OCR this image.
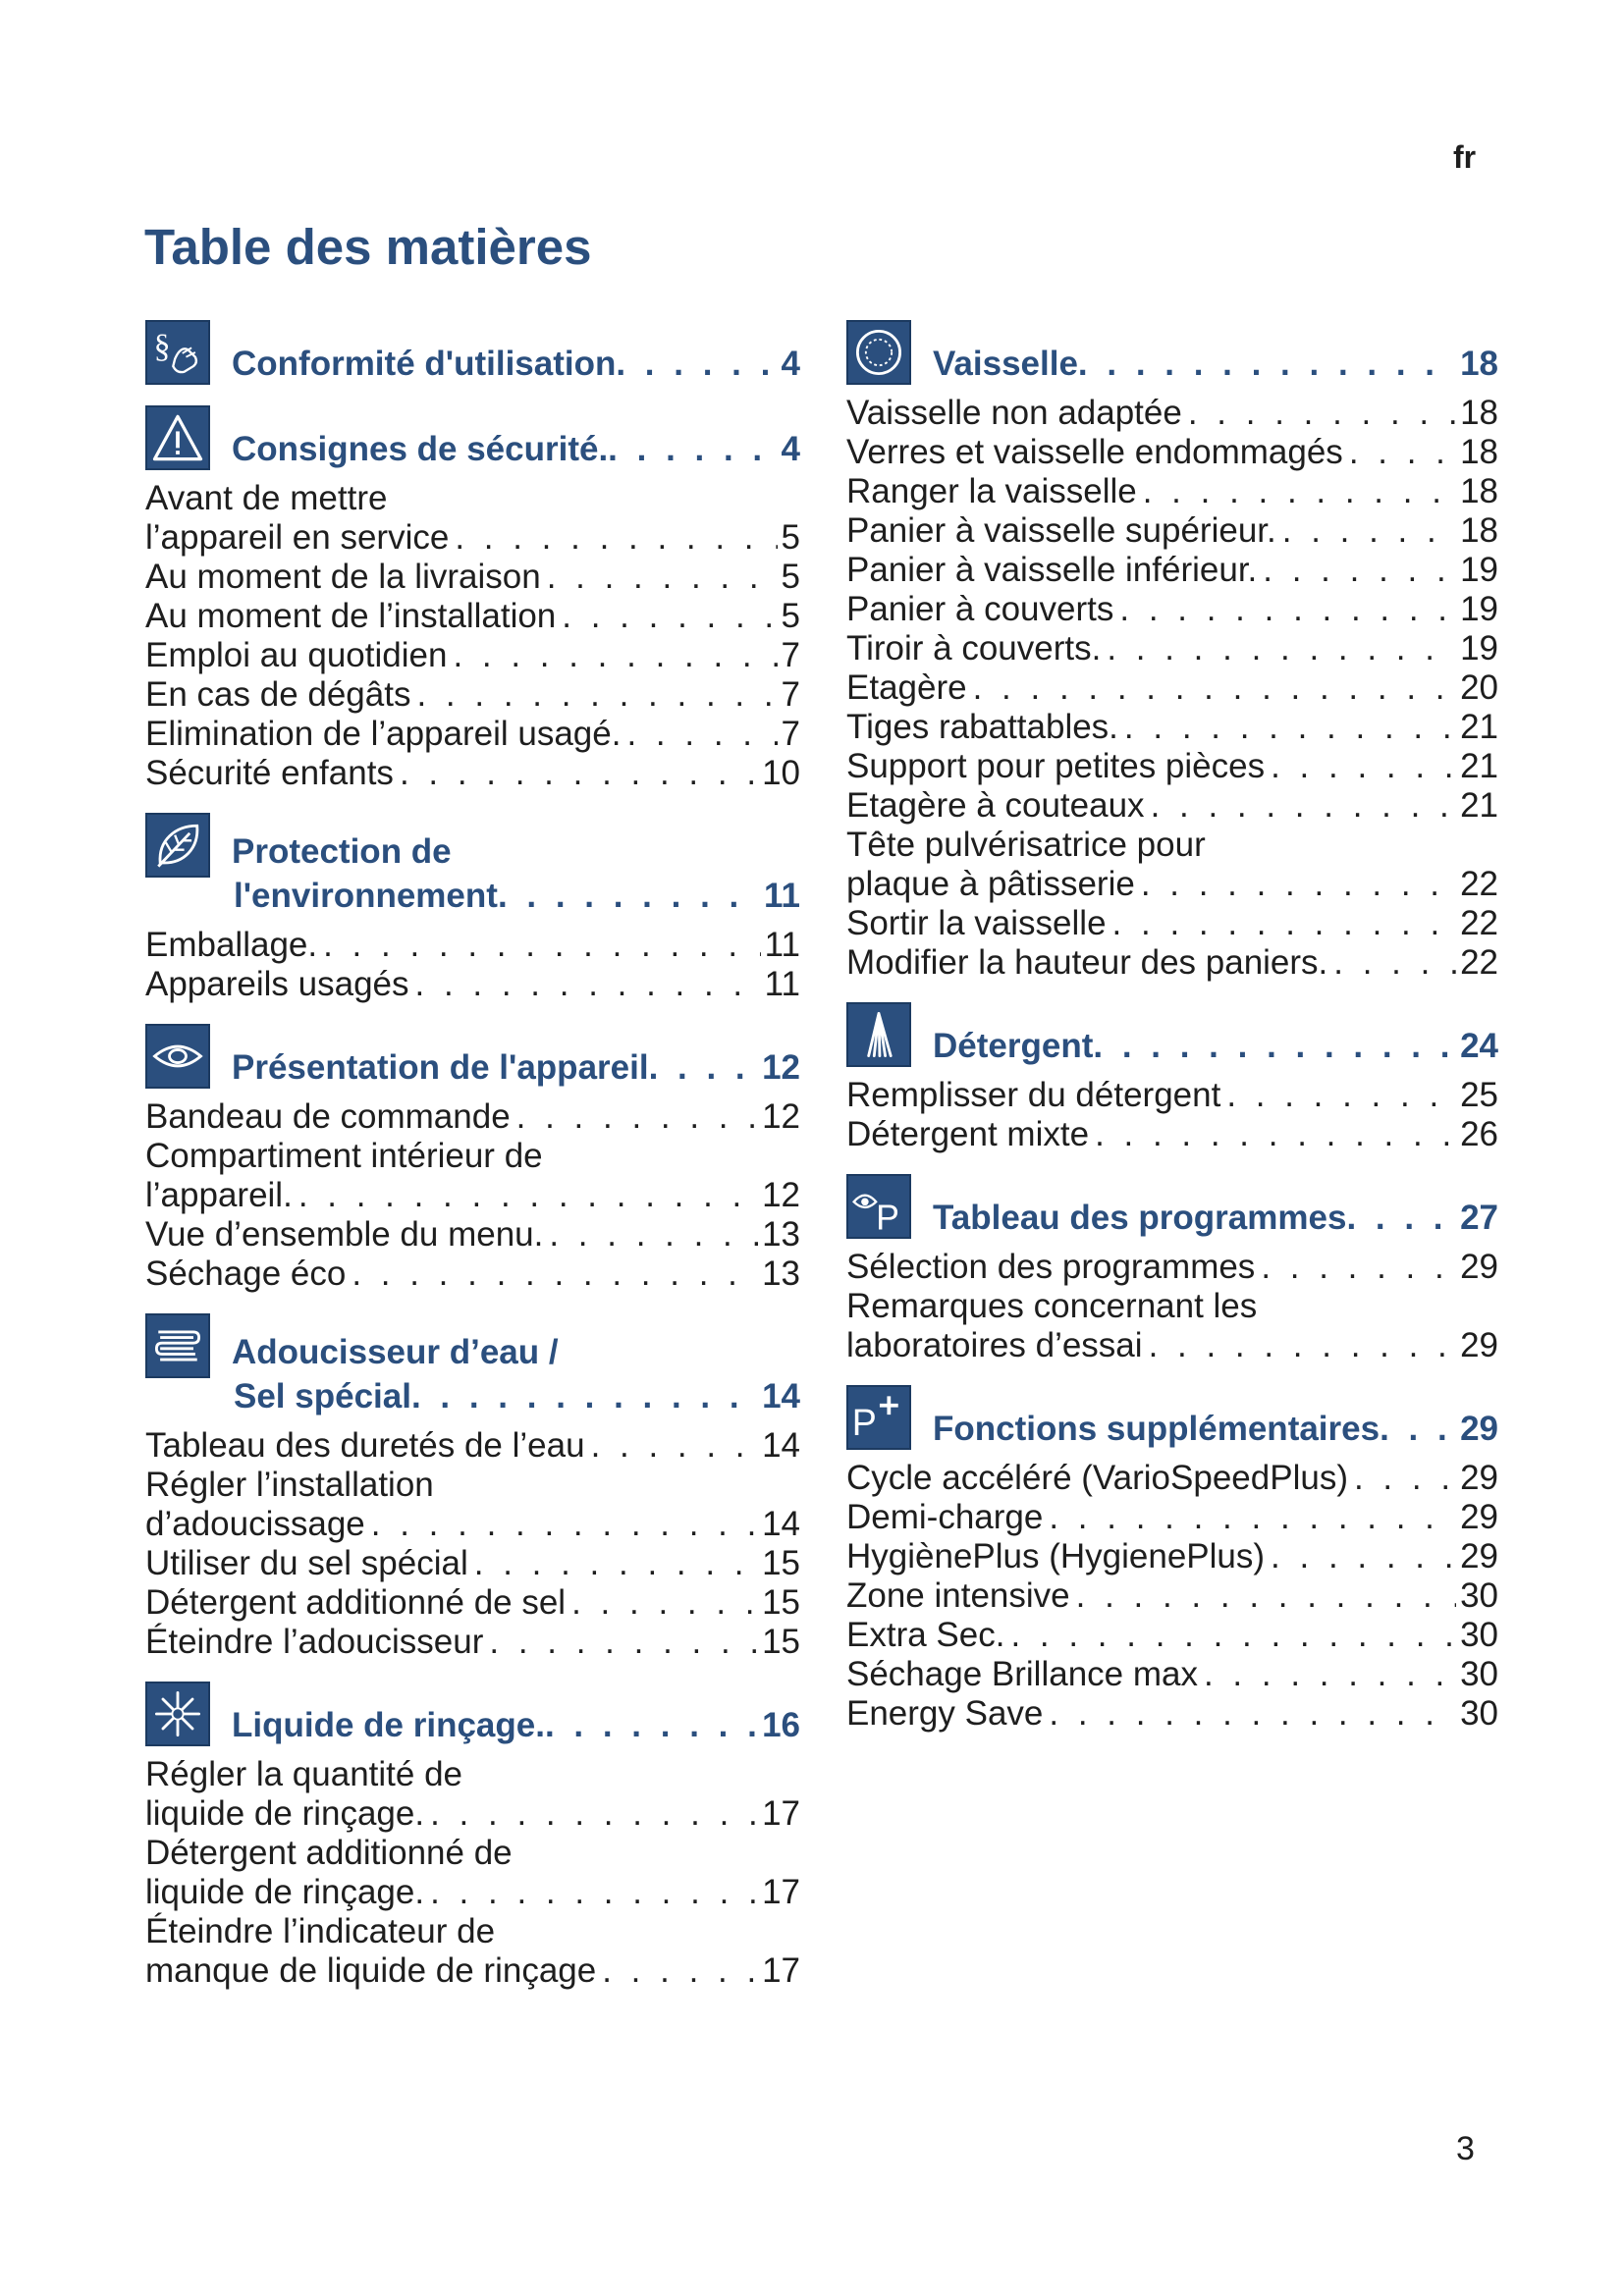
fr
Table des matières
§ Conformité d'utilisation . . .	4
Consignes de sécurité. . . .	4
Avant de mettre
l’appareil en service . . .	5
Au moment de la livraison . . .	5
Au moment de l’installation . . .	5
Emploi au quotidien . . .	7
En cas de dégâts . . .	7
Elimination de l’appareil usagé. . . .	7
Sécurité enfants . . .	10
Protection de
l'environnement . . .	11
Emballage. . . .	11
Appareils usagés . . .	11
Présentation de l'appareil . . .	12
Bandeau de commande . . .	12
Compartiment intérieur de
l’appareil. . . .	12
Vue d’ensemble du menu. . . .	13
Séchage éco . . .	13
Adoucisseur d’eau /
Sel spécial . . .	14
Tableau des duretés de l’eau . . .	14
Régler l’installation
d’adoucissage . . .	14
Utiliser du sel spécial . . .	15
Détergent additionné de sel . . .	15
Éteindre l’adoucisseur . . .	15
Liquide de rinçage. . . .	16
Régler la quantité de
liquide de rinçage. . . .	17
Détergent additionné de
liquide de rinçage. . . .	17
Éteindre l’indicateur de
manque de liquide de rinçage . . .	17
Vaisselle . . .	18
Vaisselle non adaptée . . .	18
Verres et vaisselle endommagés . . .	18
Ranger la vaisselle . . .	18
Panier à vaisselle supérieur. . . .	18
Panier à vaisselle inférieur. . . .	19
Panier à couverts . . .	19
Tiroir à couverts. . . .	19
Etagère . . .	20
Tiges rabattables. . . .	21
Support pour petites pièces . . .	21
Etagère à couteaux . . .	21
Tête pulvérisatrice pour
plaque à pâtisserie . . .	22
Sortir la vaisselle . . .	22
Modifier la hauteur des paniers. . . .	22
Détergent . . .	24
Remplisser du détergent . . .	25
Détergent mixte . . .	26
P Tableau des programmes . . .	27
Sélection des programmes . . .	29
Remarques concernant les
laboratoires d’essai . . .	29
P Fonctions supplémentaires . . . 29
Cycle accéléré (VarioSpeedPlus) . . .	29
Demi-charge . . .	29
HygiènePlus (HygienePlus) . . .	29
Zone intensive . . .	30
Extra Sec. . . .	30
Séchage Brillance max . . .	30
Energy Save . . .	30
3
